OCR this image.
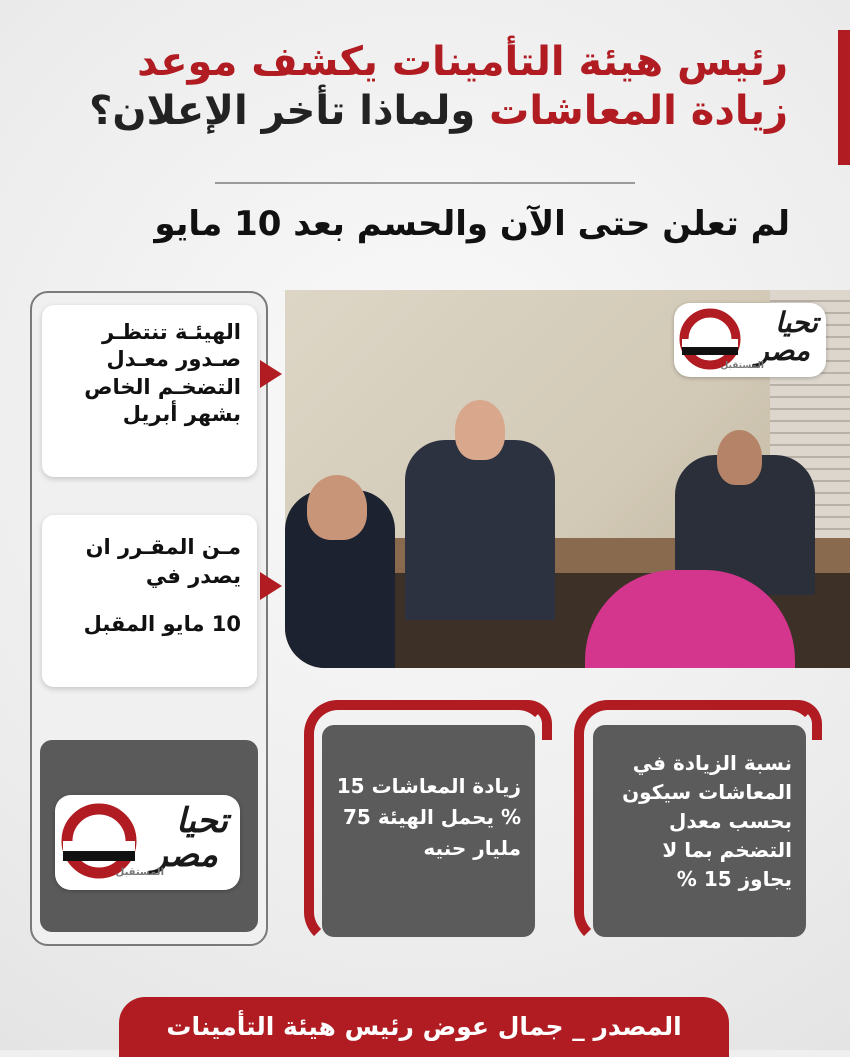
رئيس هيئة التأمينات يكشف موعد
زيادة المعاشات ولماذا تأخر الإعلان؟
لم تعلن حتى الآن والحسم بعد 10 مايو
الهيئـة تنتظـر صـدور معـدل التضخـم الخاص بشهر أبريل
مـن المقـرر ان يصدر في
10 مايو المقبل
تحيا
مصر
المستقبل
تحيا
مصر
المستقبل
زيادة المعاشات 15 % يحمل الهيئة 75 مليار حنيه
نسبة الزيادة في المعاشات سيكون بحسب معدل التضخم بما لا يجاوز 15 %
المصدر _ جمال عوض رئيس هيئة التأمينات
